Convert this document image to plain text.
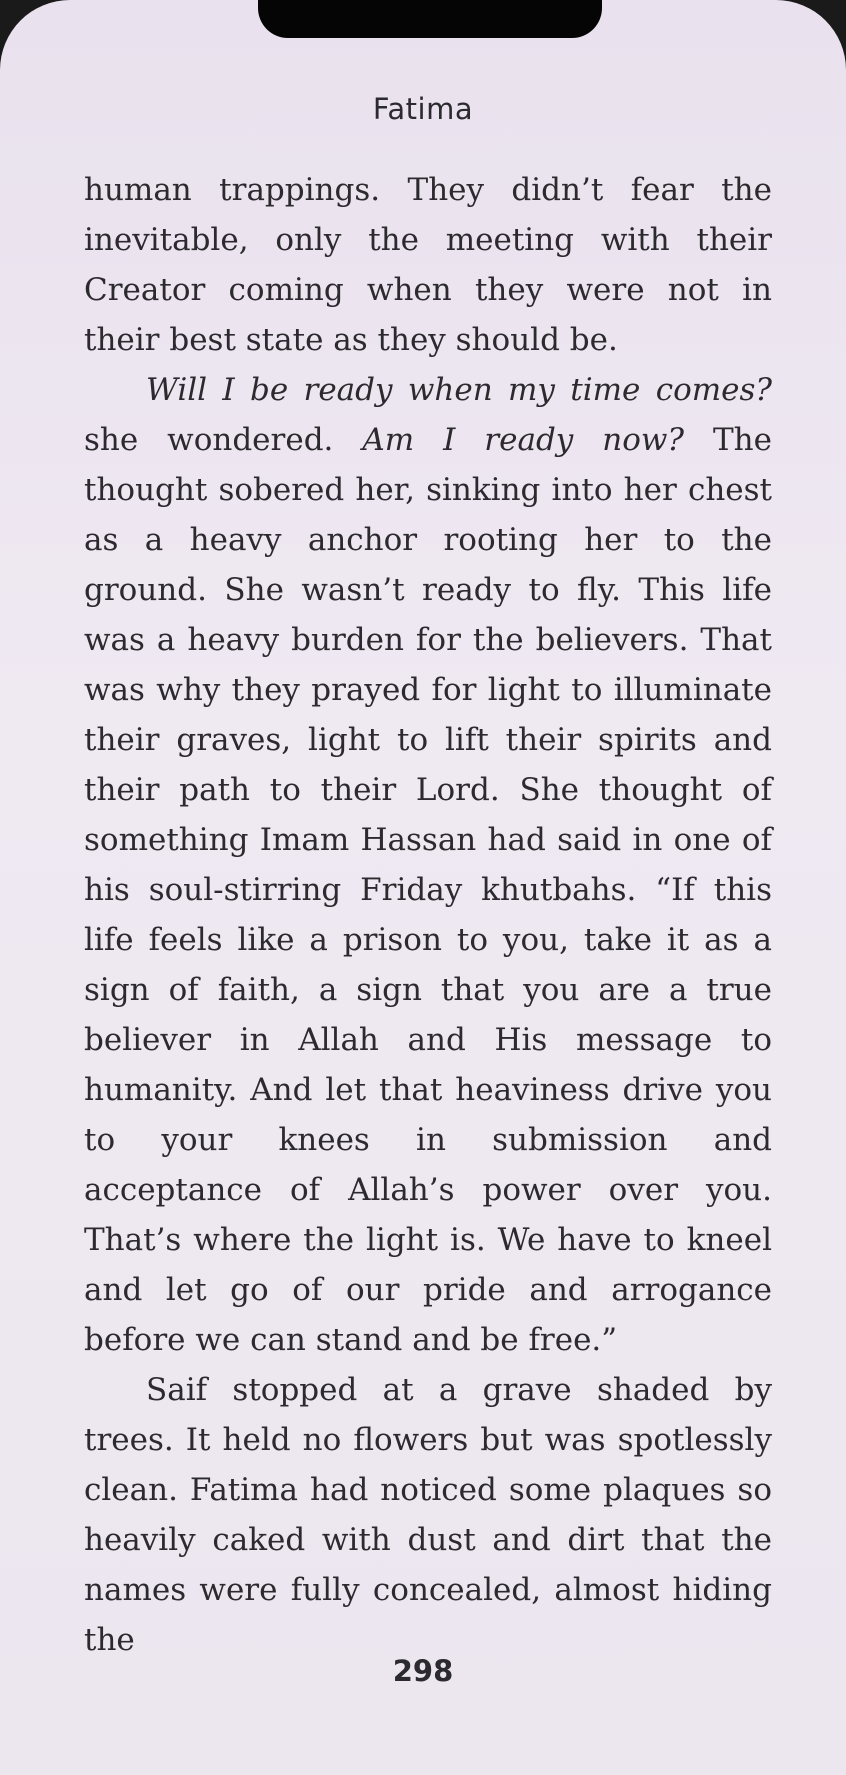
Fatima

human trappings. They didn’t fear the inevitable, only the meeting with their Creator coming when they were not in their best state as they should be.

Will I be ready when my time comes? she wondered. Am I ready now? The thought sobered her, sinking into her chest as a heavy anchor rooting her to the ground. She wasn’t ready to fly. This life was a heavy burden for the believers. That was why they prayed for light to illuminate their graves, light to lift their spirits and their path to their Lord. She thought of something Imam Hassan had said in one of his soul-stirring Friday khutbahs. “If this life feels like a prison to you, take it as a sign of faith, a sign that you are a true believer in Allah and His message to humanity. And let that heaviness drive you to your knees in submission and acceptance of Allah’s power over you. That’s where the light is. We have to kneel and let go of our pride and arrogance before we can stand and be free.”

Saif stopped at a grave shaded by trees. It held no flowers but was spotlessly clean. Fatima had noticed some plaques so heavily caked with dust and dirt that the names were fully concealed, almost hiding the

298
